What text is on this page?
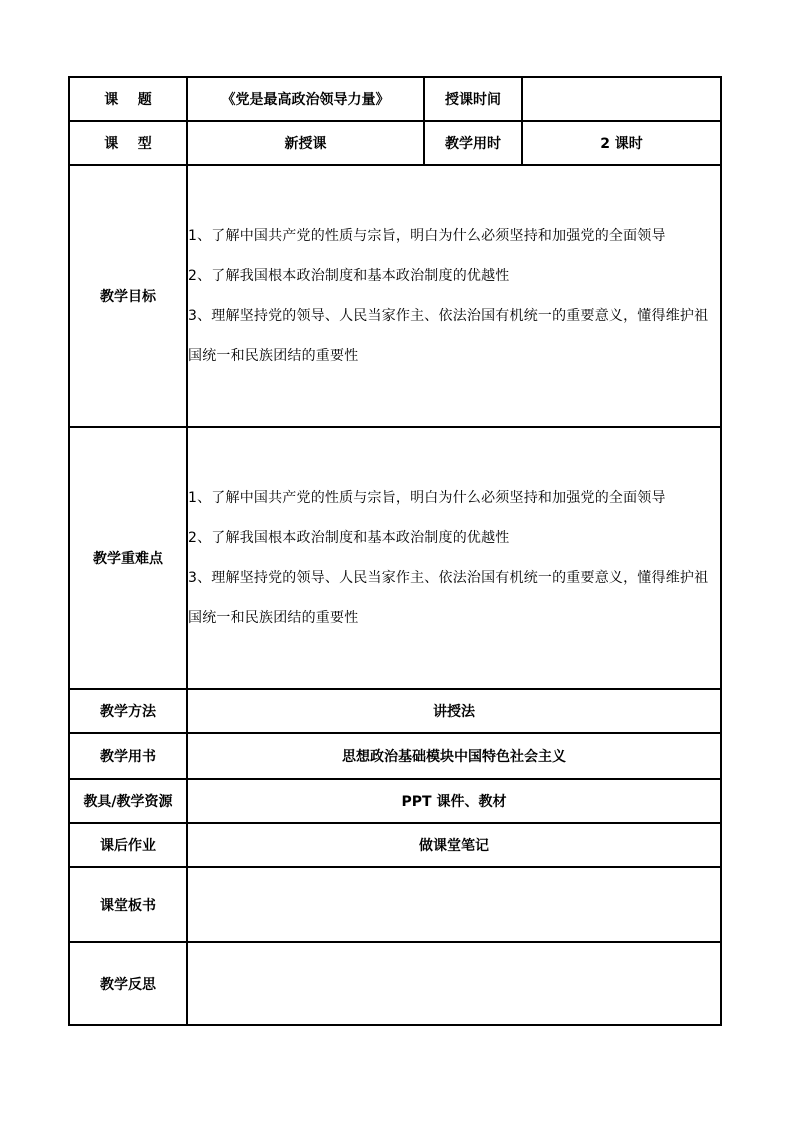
课    题	《党是最高政治领导力量》	授课时间	
课    型	新授课	教学用时	2 课时
教学目标	1、了解中国共产党的性质与宗旨，明白为什么必须坚持和加强党的全面领导
2、了解我国根本政治制度和基本政治制度的优越性
3、理解坚持党的领导、人民当家作主、依法治国有机统一的重要意义，懂得维护祖国统一和民族团结的重要性		

教学重难点	1、了解中国共产党的性质与宗旨，明白为什么必须坚持和加强党的全面领导
2、了解我国根本政治制度和基本政治制度的优越性
3、理解坚持党的领导、人民当家作主、依法治国有机统一的重要意义，懂得维护祖国统一和民族团结的重要性		

教学方法	讲授法		
教学用书	思想政治基础模块中国特色社会主义		
教具/教学资源	PPT 课件、教材		
课后作业	做课堂笔记		
课堂板书			
教学反思			
